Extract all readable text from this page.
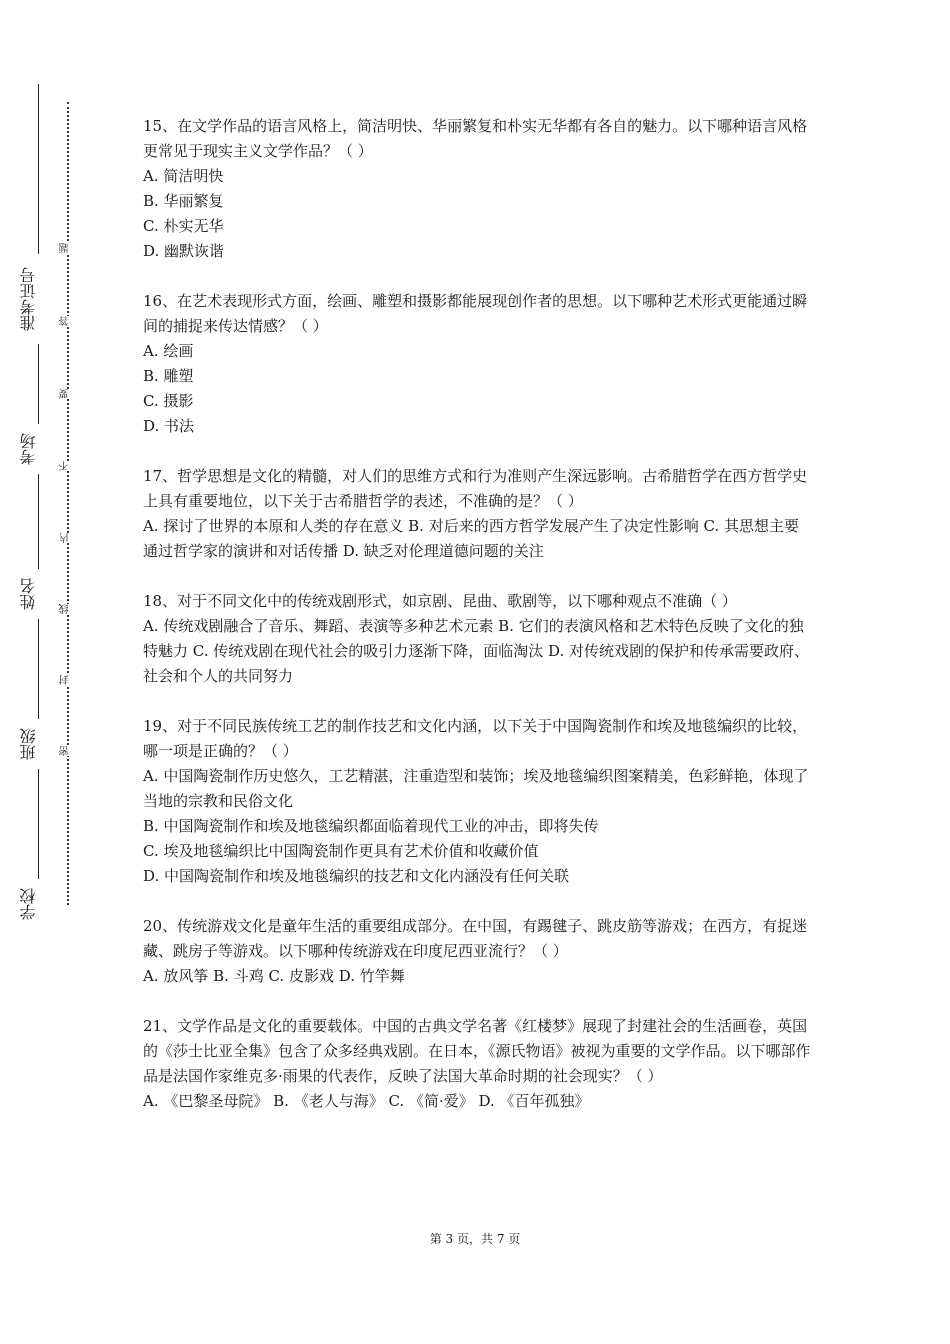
准考证号
考场
姓名
班级
学校
题
答
要
不
内
线
封
密

15、在文学作品的语言风格上，简洁明快、华丽繁复和朴实无华都有各自的魅力。以下哪种语言风格更常见于现实主义文学作品？（ ）

A. 简洁明快

B. 华丽繁复

C. 朴实无华

D. 幽默诙谐

16、在艺术表现形式方面，绘画、雕塑和摄影都能展现创作者的思想。以下哪种艺术形式更能通过瞬间的捕捉来传达情感？（ ）

A. 绘画

B. 雕塑

C. 摄影

D. 书法

17、哲学思想是文化的精髓，对人们的思维方式和行为准则产生深远影响。古希腊哲学在西方哲学史上具有重要地位，以下关于古希腊哲学的表述，不准确的是？（ ）

A. 探讨了世界的本原和人类的存在意义 B. 对后来的西方哲学发展产生了决定性影响 C. 其思想主要通过哲学家的演讲和对话传播 D. 缺乏对伦理道德问题的关注

18、对于不同文化中的传统戏剧形式，如京剧、昆曲、歌剧等，以下哪种观点不准确（ ）

A. 传统戏剧融合了音乐、舞蹈、表演等多种艺术元素 B. 它们的表演风格和艺术特色反映了文化的独特魅力 C. 传统戏剧在现代社会的吸引力逐渐下降，面临淘汰 D. 对传统戏剧的保护和传承需要政府、社会和个人的共同努力

19、对于不同民族传统工艺的制作技艺和文化内涵，以下关于中国陶瓷制作和埃及地毯编织的比较，哪一项是正确的？（ ）

A. 中国陶瓷制作历史悠久，工艺精湛，注重造型和装饰；埃及地毯编织图案精美，色彩鲜艳，体现了当地的宗教和民俗文化

B. 中国陶瓷制作和埃及地毯编织都面临着现代工业的冲击，即将失传

C. 埃及地毯编织比中国陶瓷制作更具有艺术价值和收藏价值

D. 中国陶瓷制作和埃及地毯编织的技艺和文化内涵没有任何关联

20、传统游戏文化是童年生活的重要组成部分。在中国，有踢毽子、跳皮筋等游戏；在西方，有捉迷藏、跳房子等游戏。以下哪种传统游戏在印度尼西亚流行？（ ）

A. 放风筝 B. 斗鸡 C. 皮影戏 D. 竹竿舞

21、文学作品是文化的重要载体。中国的古典文学名著《红楼梦》展现了封建社会的生活画卷，英国的《莎士比亚全集》包含了众多经典戏剧。在日本，《源氏物语》被视为重要的文学作品。以下哪部作品是法国作家维克多·雨果的代表作，反映了法国大革命时期的社会现实？（ ）

A. 《巴黎圣母院》 B. 《老人与海》 C. 《简·爱》 D. 《百年孤独》

第 3 页，共 7 页
